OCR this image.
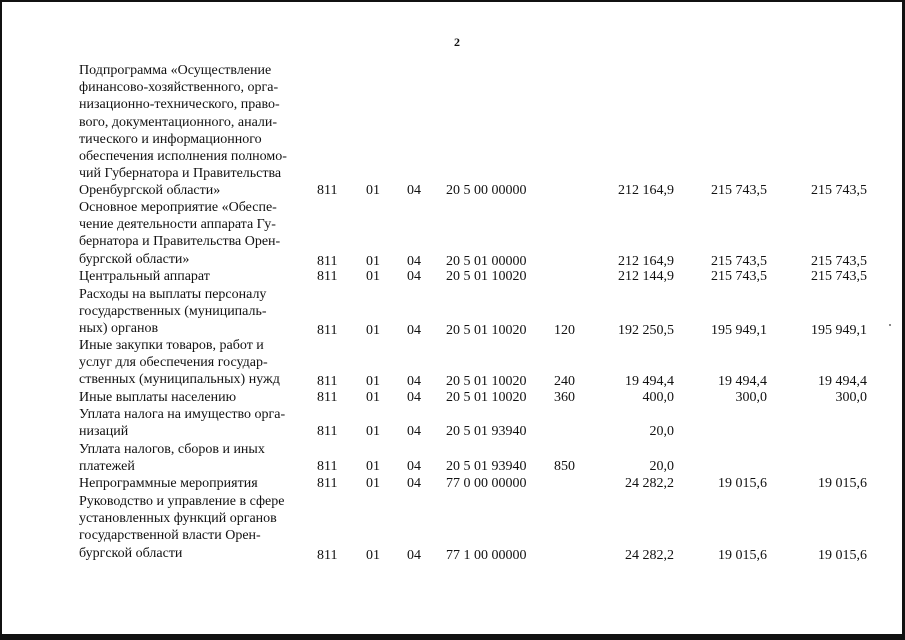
2
Подпрограмма «Осуществление
финансово-хозяйственного, орга-
низационно-технического, право-
вого, документационного, анали-
тического и информационного
обеспечения исполнения полномо-
чий Губернатора и Правительства
Оренбургской области»	811	01	04	20 5 00 00000	212 164,9	215 743,5	215 743,5
Основное мероприятие «Обеспе-
чение деятельности аппарата Гу-
бернатора и Правительства Орен-
бургской области»	811	01	04	20 5 01 00000	212 164,9	215 743,5	215 743,5
Центральный аппарат	811	01	04	20 5 01 10020	212 144,9	215 743,5	215 743,5
Расходы на выплаты персоналу
государственных (муниципаль-
ных) органов	811	01	04	20 5 01 10020	120	192 250,5	195 949,1	195 949,1
Иные закупки товаров, работ и
услуг для обеспечения государ-
ственных (муниципальных) нужд	811	01	04	20 5 01 10020	240	19 494,4	19 494,4	19 494,4
Иные выплаты населению	811	01	04	20 5 01 10020	360	400,0	300,0	300,0
Уплата налога на имущество орга-
низаций	811	01	04	20 5 01 93940	20,0
Уплата налогов, сборов и иных
платежей	811	01	04	20 5 01 93940	850	20,0
Непрограммные мероприятия	811	01	04	77 0 00 00000	24 282,2	19 015,6	19 015,6
Руководство и управление в сфере
установленных функций органов
государственной власти Орен-
бургской области	811	01	04	77 1 00 00000	24 282,2	19 015,6	19 015,6
